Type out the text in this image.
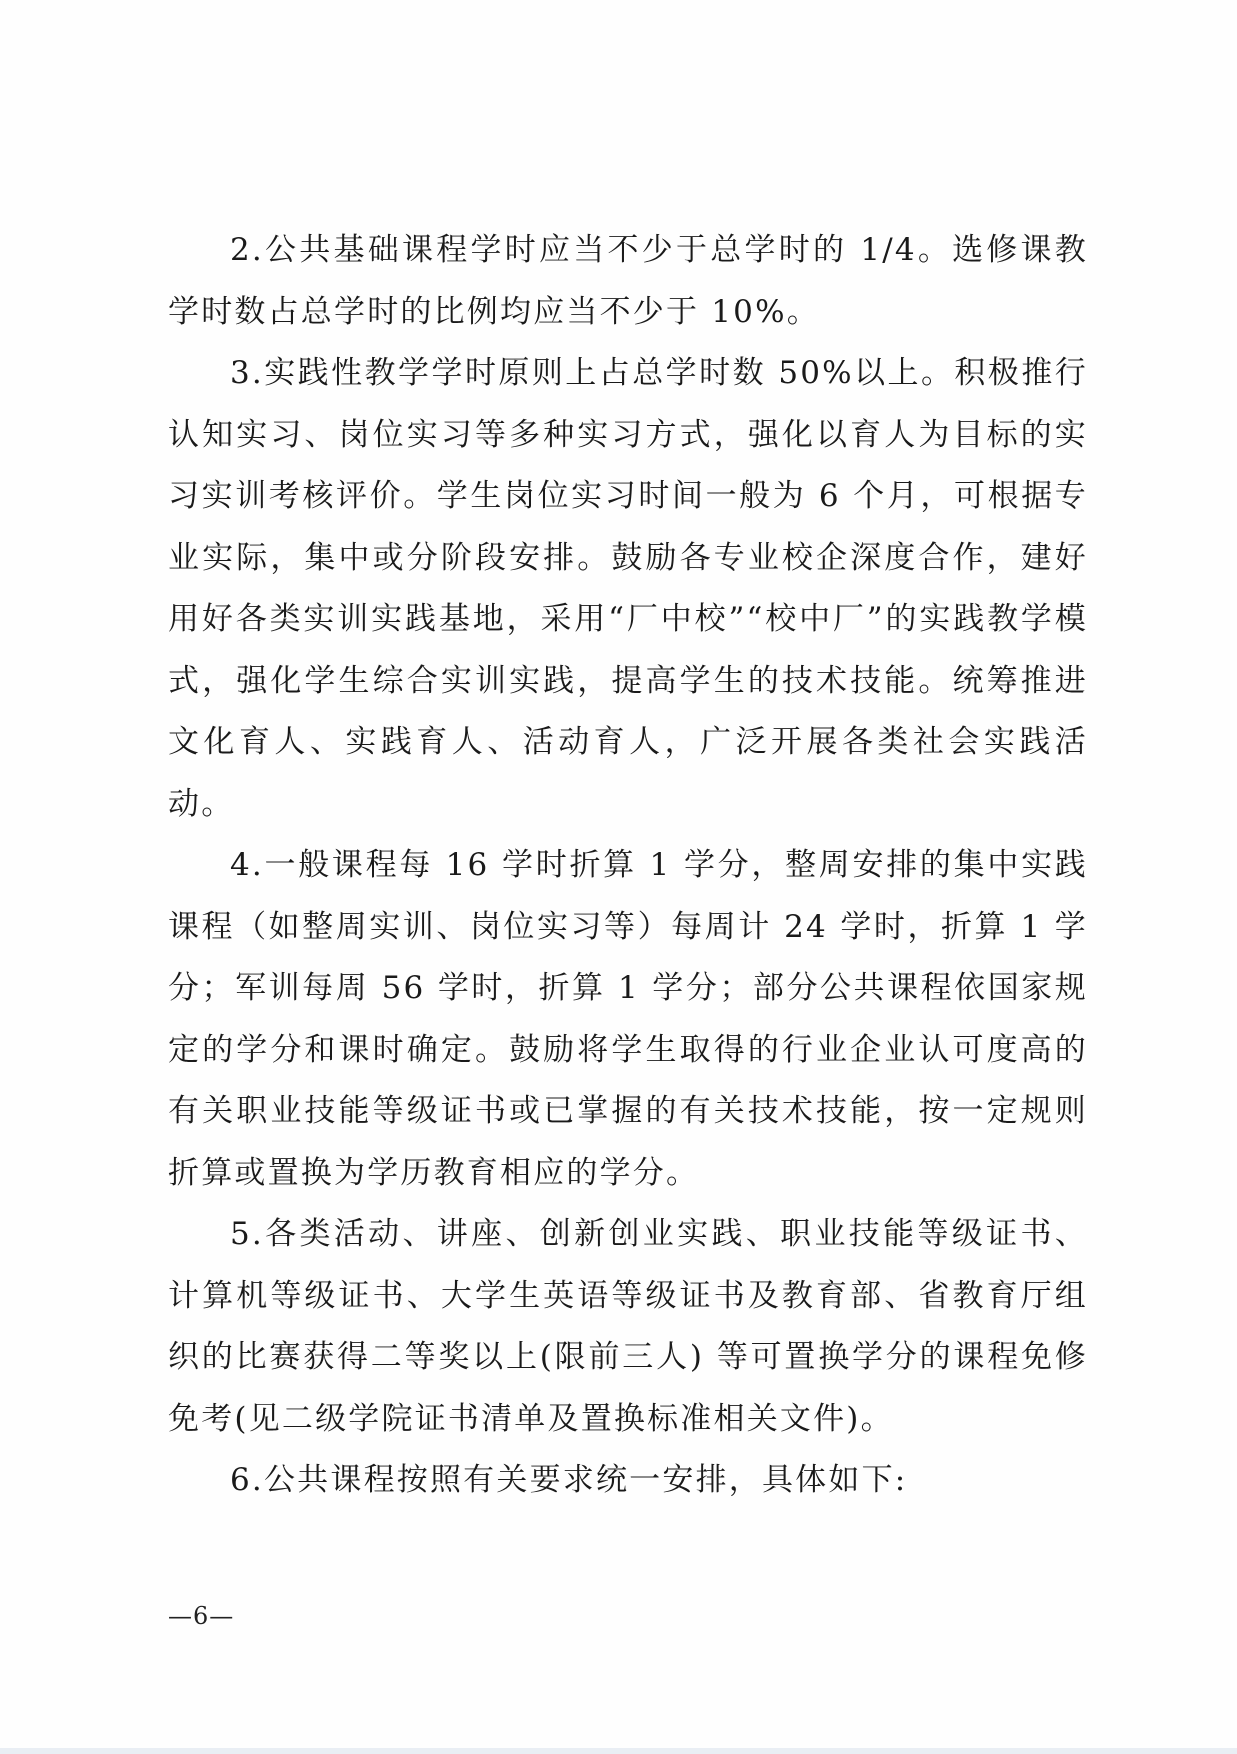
2.公共基础课程学时应当不少于总学时的 1/4。选修课教学时数占总学时的比例均应当不少于 10%。

3.实践性教学学时原则上占总学时数 50%以上。积极推行认知实习、岗位实习等多种实习方式，强化以育人为目标的实习实训考核评价。学生岗位实习时间一般为 6 个月，可根据专业实际，集中或分阶段安排。鼓励各专业校企深度合作，建好用好各类实训实践基地，采用“厂中校”“校中厂”的实践教学模式，强化学生综合实训实践，提高学生的技术技能。统筹推进文化育人、实践育人、活动育人，广泛开展各类社会实践活动。

4.一般课程每 16 学时折算 1 学分，整周安排的集中实践课程（如整周实训、岗位实习等）每周计 24 学时，折算 1 学分；军训每周 56 学时，折算 1 学分；部分公共课程依国家规定的学分和课时确定。鼓励将学生取得的行业企业认可度高的有关职业技能等级证书或已掌握的有关技术技能，按一定规则折算或置换为学历教育相应的学分。

5.各类活动、讲座、创新创业实践、职业技能等级证书、计算机等级证书、大学生英语等级证书及教育部、省教育厅组织的比赛获得二等奖以上(限前三人) 等可置换学分的课程免修免考(见二级学院证书清单及置换标准相关文件)。

6.公共课程按照有关要求统一安排，具体如下:

—6—
